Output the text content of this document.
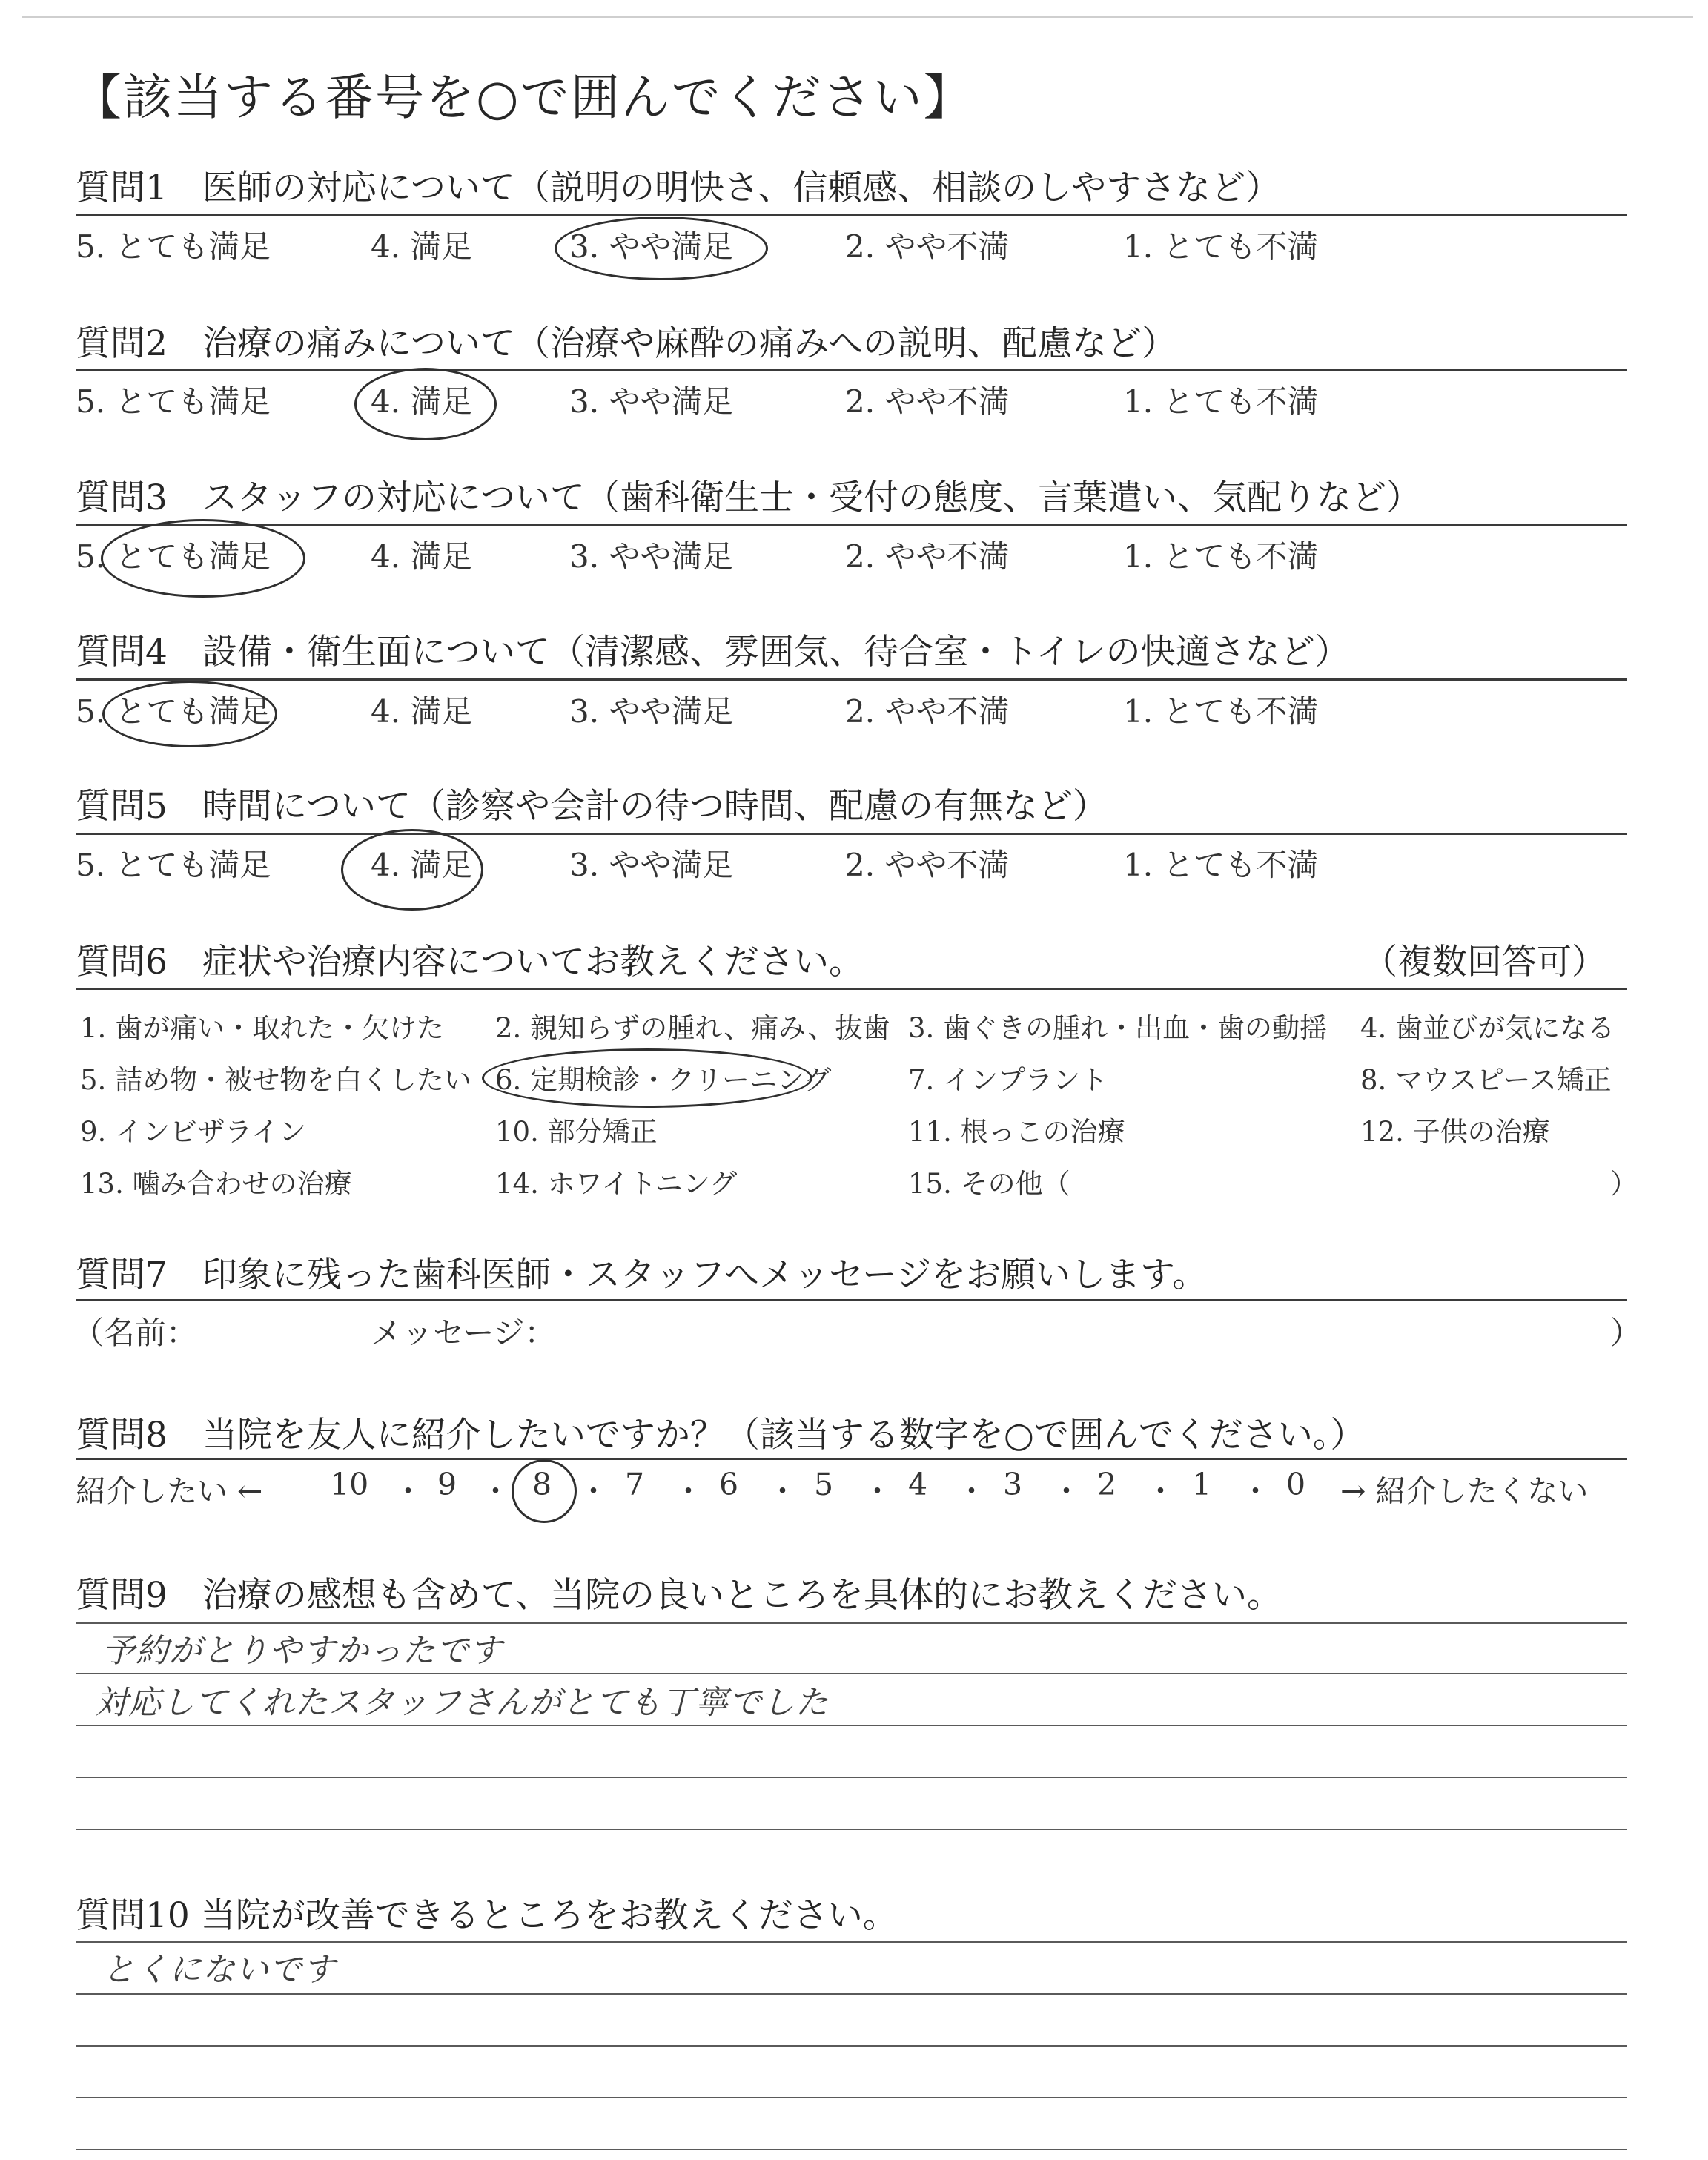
【該当する番号を○で囲んでください】
質問1　医師の対応について（説明の明快さ、信頼感、相談のしやすさなど）
5. とても満足	4. 満足	3. やや満足	2. やや不満	1. とても不満
質問2　治療の痛みについて（治療や麻酔の痛みへの説明、配慮など）
5. とても満足	4. 満足	3. やや満足	2. やや不満	1. とても不満
質問3　スタッフの対応について（歯科衛生士・受付の態度、言葉遣い、気配りなど）
5. とても満足	4. 満足	3. やや満足	2. やや不満	1. とても不満
質問4　設備・衛生面について（清潔感、雰囲気、待合室・トイレの快適さなど）
5. とても満足	4. 満足	3. やや満足	2. やや不満	1. とても不満
質問5　時間について（診察や会計の待つ時間、配慮の有無など）
5. とても満足	4. 満足	3. やや満足	2. やや不満	1. とても不満
質問6　症状や治療内容についてお教えください。	（複数回答可）
1. 歯が痛い・取れた・欠けた 2. 親知らずの腫れ、痛み、抜歯 3. 歯ぐきの腫れ・出血・歯の動揺 4. 歯並びが気になる
5. 詰め物・被せ物を白くしたい 6. 定期検診・クリーニング	7. インプラント	8. マウスピース矯正
9. インビザライン	10. 部分矯正	11. 根っこの治療	12. 子供の治療
13. 噛み合わせの治療	14. ホワイトニング	15. その他（	）
質問7　印象に残った歯科医師・スタッフへメッセージをお願いします。
（名前：	メッセージ：	）
質問8　当院を友人に紹介したいですか？（該当する数字を○で囲んでください。）
紹介したい ← 10 ・ 9 ・ 8 ・ 7 ・ 6 ・ 5 ・ 4 ・ 3 ・ 2 ・ 1 ・ 0 → 紹介したくない
質問9　治療の感想も含めて、当院の良いところを具体的にお教えください。
予約がとりやすかったです
対応してくれたスタッフさんがとても丁寧でした
質問10 当院が改善できるところをお教えください。
とくにないです
